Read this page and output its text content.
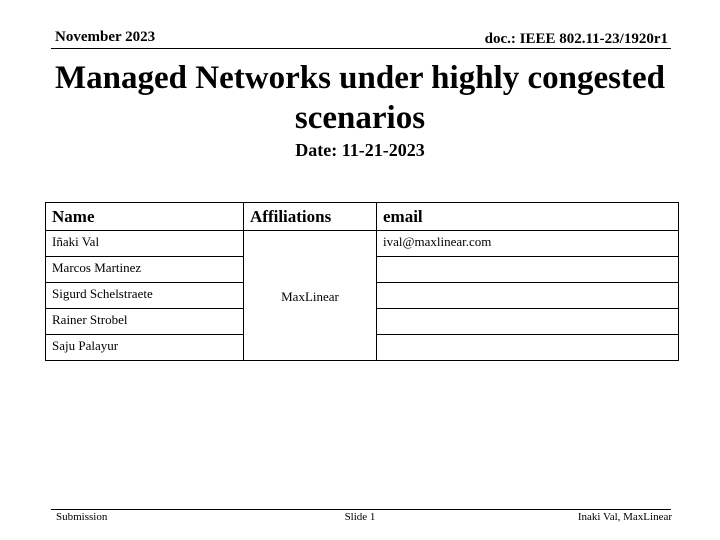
November 2023	doc.: IEEE 802.11-23/1920r1
Managed Networks under highly congested scenarios
Date: 11-21-2023
Name	Affiliations	email
Iñaki Val	MaxLinear	ival@maxlinear.com
Marcos Martinez		
Sigurd Schelstraete		
Rainer Strobel		
Saju Palayur		
Submission	Slide 1	Inaki Val, MaxLinear
